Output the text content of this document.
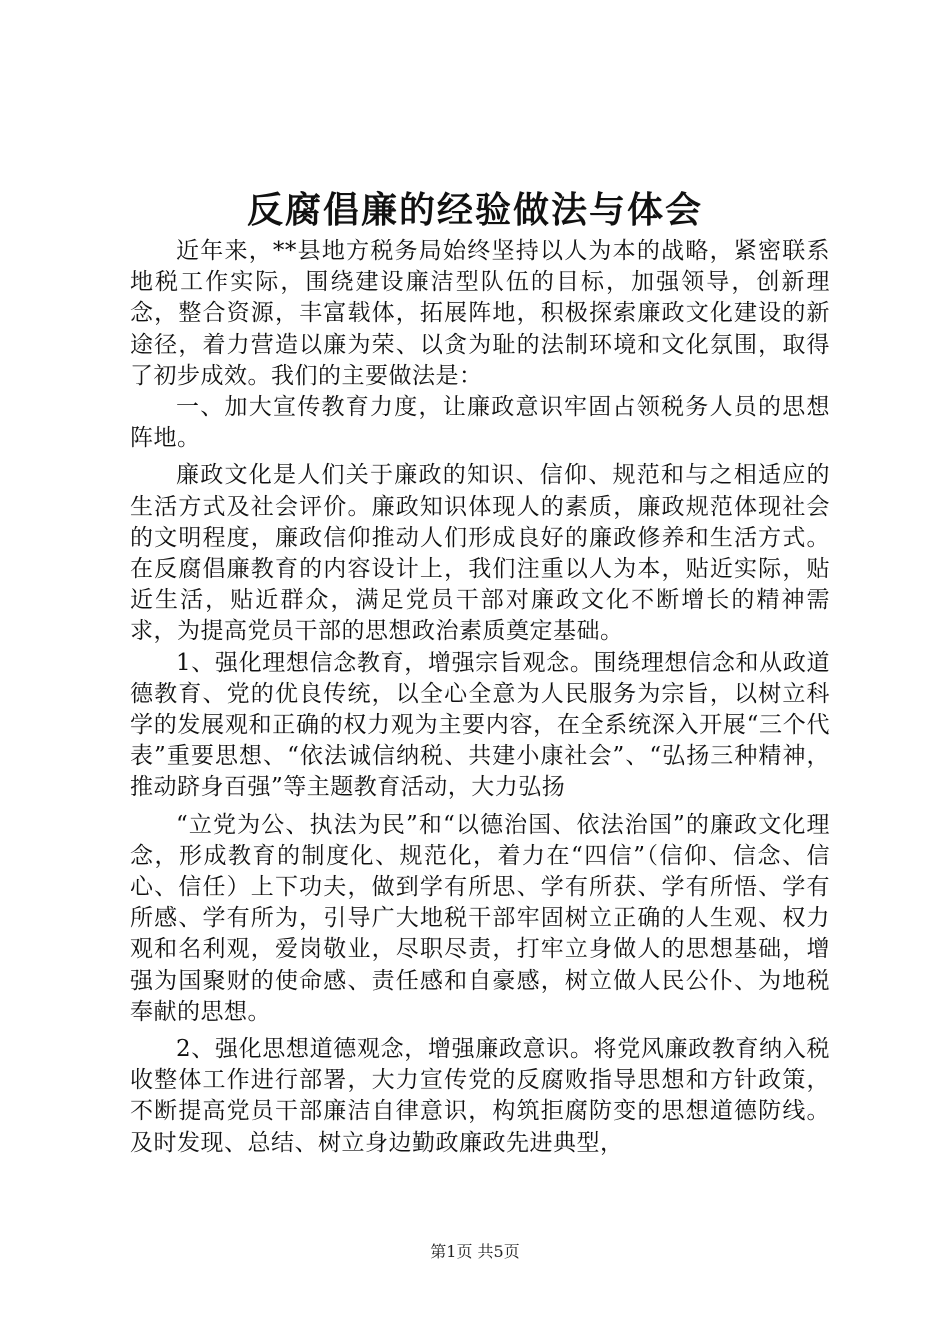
反腐倡廉的经验做法与体会

近年来，**县地方税务局始终坚持以人为本的战略，紧密联系地税工作实际，围绕建设廉洁型队伍的目标，加强领导，创新理念，整合资源，丰富载体，拓展阵地，积极探索廉政文化建设的新途径，着力营造以廉为荣、以贪为耻的法制环境和文化氛围，取得了初步成效。我们的主要做法是：

一、加大宣传教育力度，让廉政意识牢固占领税务人员的思想阵地。

廉政文化是人们关于廉政的知识、信仰、规范和与之相适应的生活方式及社会评价。廉政知识体现人的素质，廉政规范体现社会的文明程度，廉政信仰推动人们形成良好的廉政修养和生活方式。在反腐倡廉教育的内容设计上，我们注重以人为本，贴近实际，贴近生活，贴近群众，满足党员干部对廉政文化不断增长的精神需求，为提高党员干部的思想政治素质奠定基础。

1、强化理想信念教育，增强宗旨观念。围绕理想信念和从政道德教育、党的优良传统，以全心全意为人民服务为宗旨，以树立科学的发展观和正确的权力观为主要内容，在全系统深入开展“三个代表”重要思想、“依法诚信纳税、共建小康社会”、“弘扬三种精神，推动跻身百强”等主题教育活动，大力弘扬

“立党为公、执法为民”和“以德治国、依法治国”的廉政文化理念，形成教育的制度化、规范化，着力在“四信”（信仰、信念、信心、信任）上下功夫，做到学有所思、学有所获、学有所悟、学有所感、学有所为，引导广大地税干部牢固树立正确的人生观、权力观和名利观，爱岗敬业，尽职尽责，打牢立身做人的思想基础，增强为国聚财的使命感、责任感和自豪感，树立做人民公仆、为地税奉献的思想。

2、强化思想道德观念，增强廉政意识。将党风廉政教育纳入税收整体工作进行部署，大力宣传党的反腐败指导思想和方针政策，不断提高党员干部廉洁自律意识，构筑拒腐防变的思想道德防线。及时发现、总结、树立身边勤政廉政先进典型，

第1页 共5页
